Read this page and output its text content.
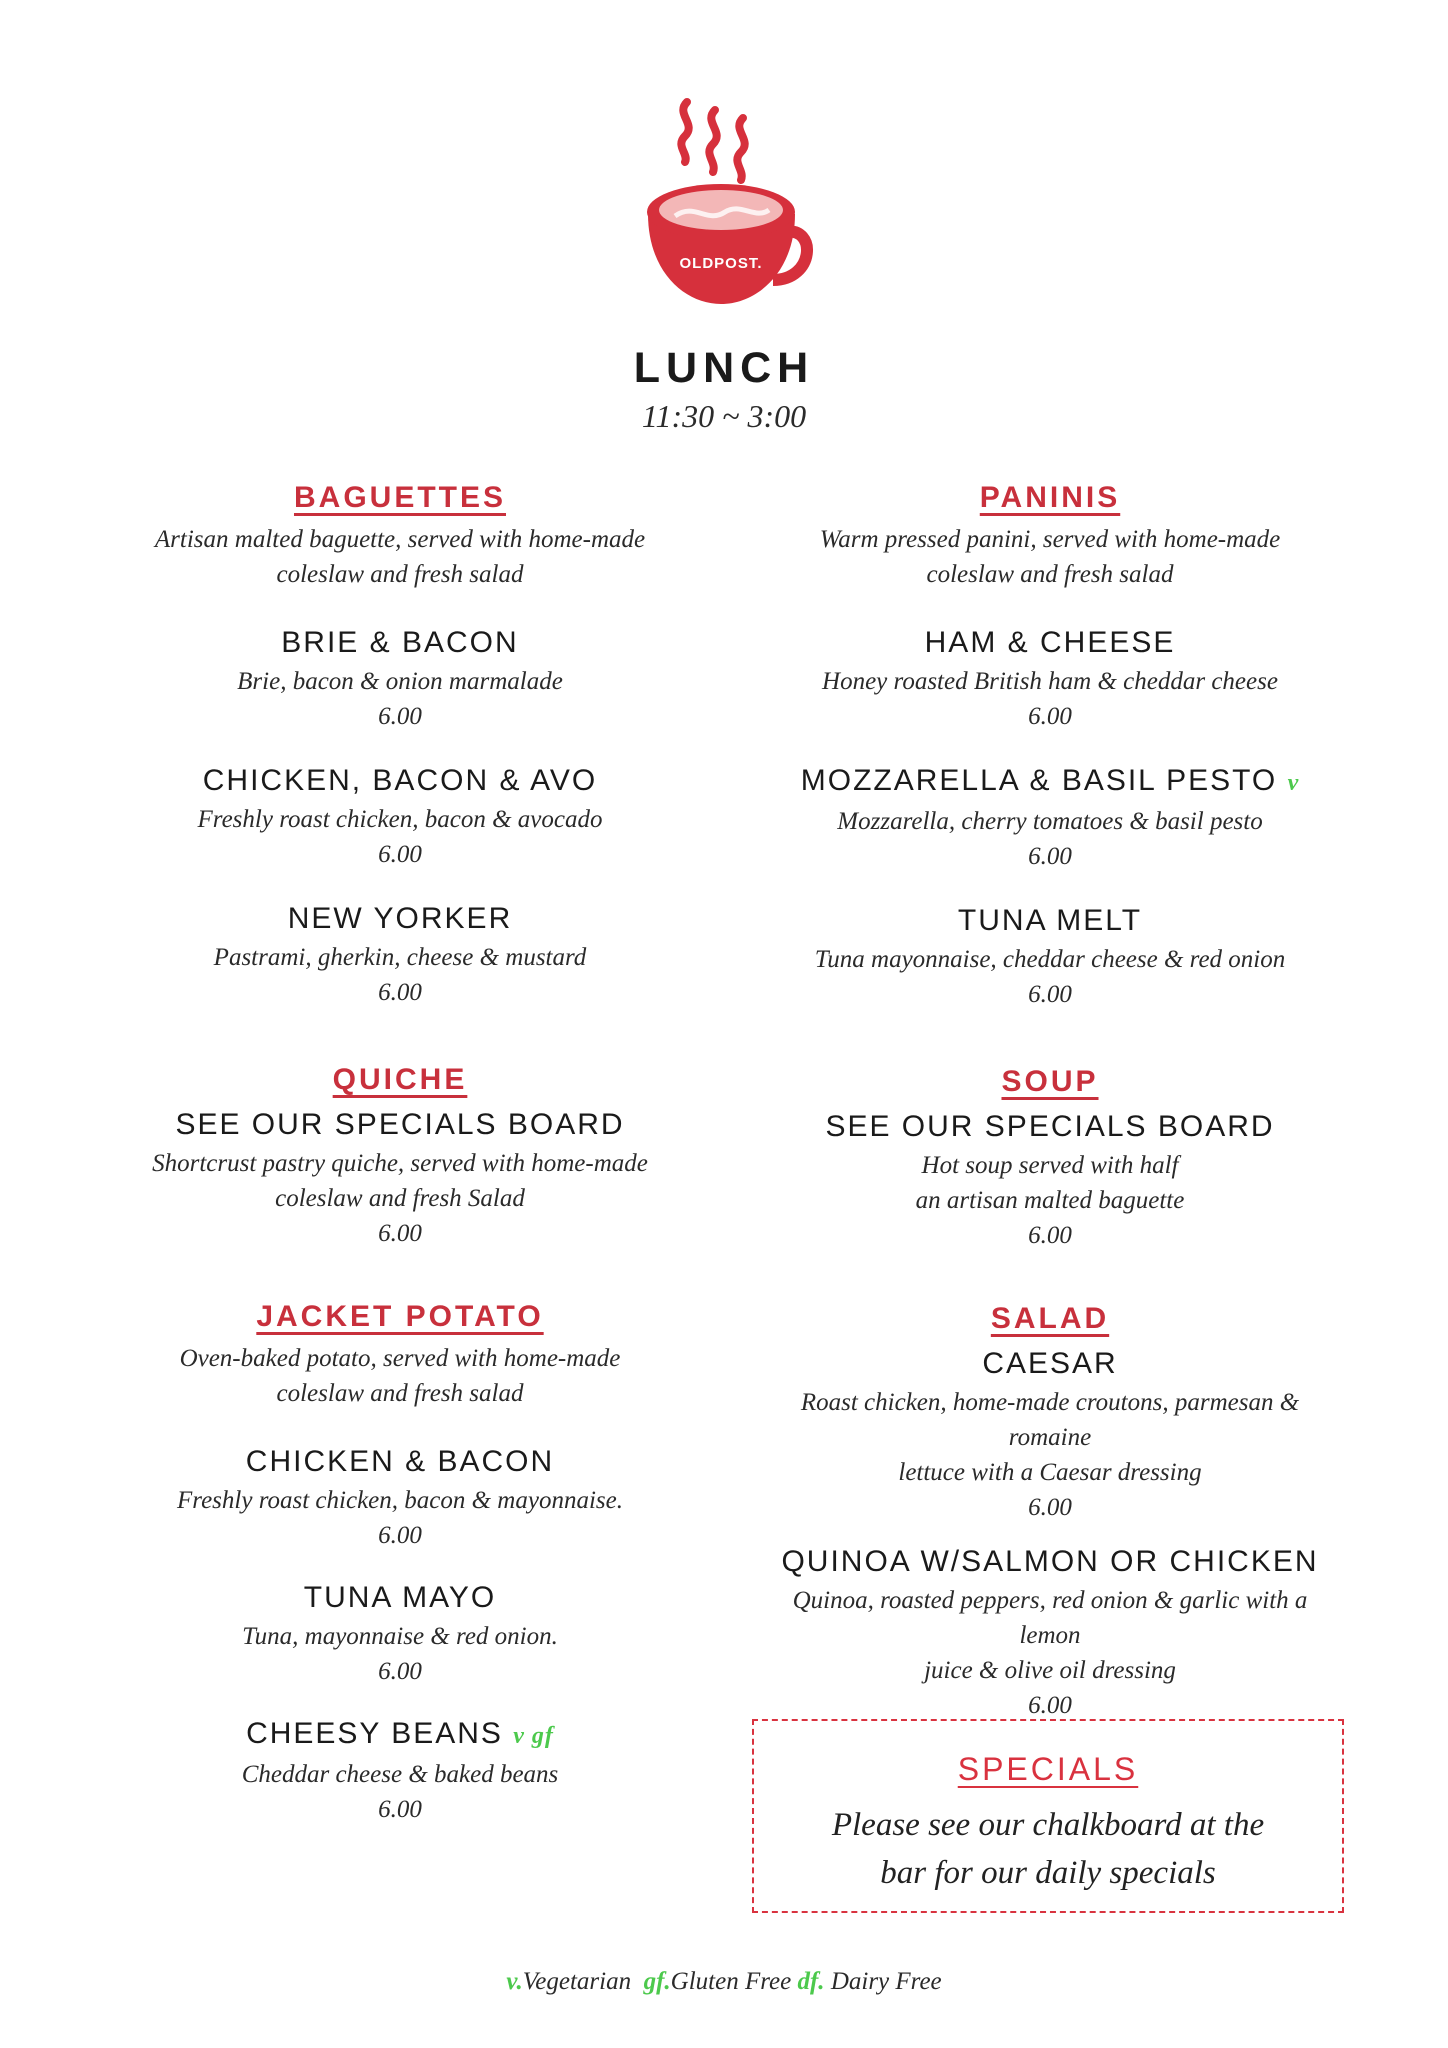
OLDPOST.
LUNCH
11:30 ~ 3:00
BAGUETTES

Artisan malted baguette, served with home-made

coleslaw and fresh salad

BRIE & BACON

Brie, bacon & onion marmalade

6.00

CHICKEN, BACON & AVO

Freshly roast chicken, bacon & avocado

6.00

NEW YORKER

Pastrami, gherkin, cheese & mustard

6.00

QUICHE

SEE OUR SPECIALS BOARD

Shortcrust pastry quiche, served with home-made

coleslaw and fresh Salad

6.00

JACKET POTATO

Oven-baked potato, served with home-made

coleslaw and fresh salad

CHICKEN & BACON

Freshly roast chicken, bacon & mayonnaise.

6.00

TUNA MAYO

Tuna, mayonnaise & red onion.

6.00

CHEESY BEANS v gf

Cheddar cheese & baked beans

6.00

PANINIS

Warm pressed panini, served with home-made

coleslaw and fresh salad

HAM & CHEESE

Honey roasted British ham & cheddar cheese

6.00

MOZZARELLA & BASIL PESTO v

Mozzarella, cherry tomatoes & basil pesto

6.00

TUNA MELT

Tuna mayonnaise, cheddar cheese & red onion

6.00

SOUP

SEE OUR SPECIALS BOARD

Hot soup served with half

an artisan malted baguette

6.00

SALAD

CAESAR

Roast chicken, home-made croutons, parmesan & romaine

lettuce with a Caesar dressing

6.00

QUINOA W/SALMON OR CHICKEN

Quinoa, roasted peppers, red onion & garlic with a lemon

juice & olive oil dressing

6.00

SPECIALS
Please see our chalkboard at the
bar for our daily specials
v.Vegetarian gf.Gluten Free df. Dairy Free
